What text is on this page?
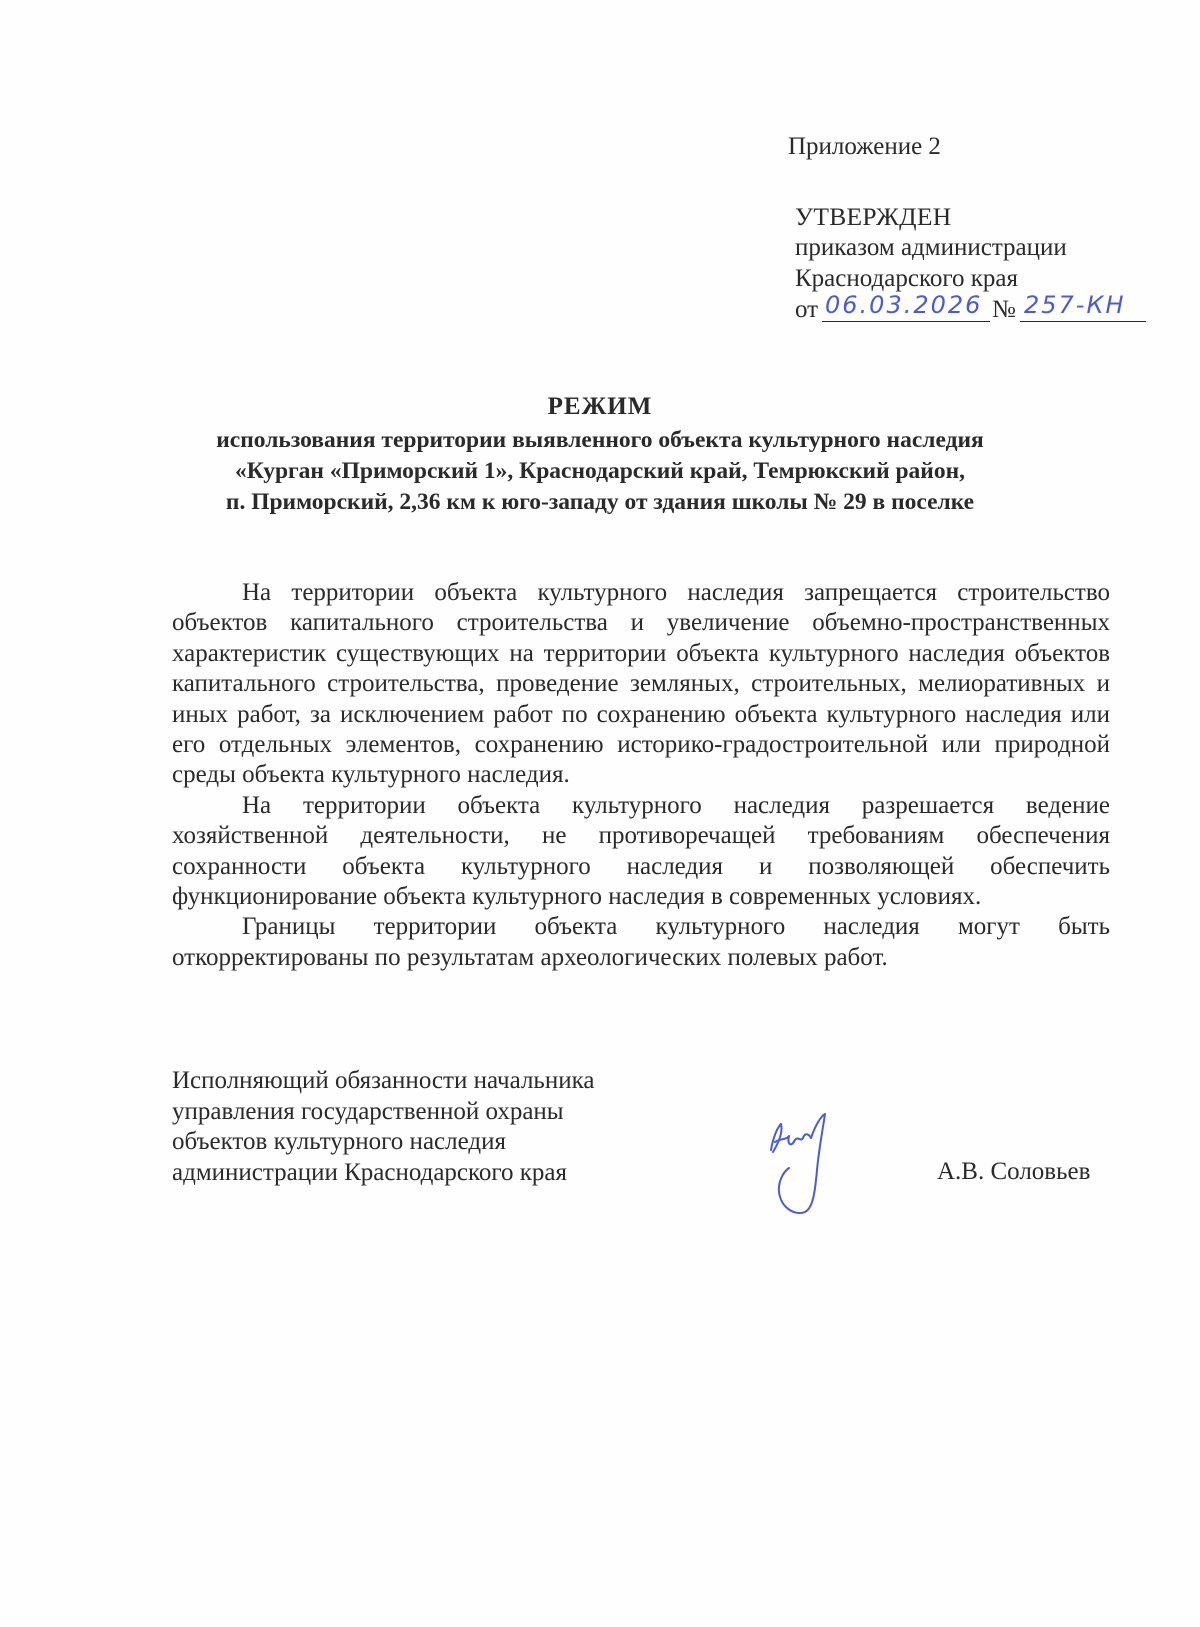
Приложение 2
УТВЕРЖДЕН
приказом администрации
Краснодарского края
от 06.03.2026 № 257-КН
РЕЖИМ
использования территории выявленного объекта культурного наследия
«Курган «Приморский 1», Краснодарский край, Темрюкский район,
п. Приморский, 2,36 км к юго-западу от здания школы № 29 в поселке

На территории объекта культурного наследия запрещается строительство объектов капитального строительства и увеличение объемно-пространственных характеристик существующих на территории объекта культурного наследия объектов капитального строительства, проведение земляных, строительных, мелиоративных и иных работ, за исключением работ по сохранению объекта культурного наследия или его отдельных элементов, сохранению историко-градостроительной или природной среды объекта культурного наследия.

На территории объекта культурного наследия разрешается ведение хозяйственной деятельности, не противоречащей требованиям обеспечения сохранности объекта культурного наследия и позволяющей обеспечить функционирование объекта культурного наследия в современных условиях.

Границы территории объекта культурного наследия могут быть откорректированы по результатам археологических полевых работ.

Исполняющий обязанности начальника
управления государственной охраны
объектов культурного наследия
администрации Краснодарского края	А.В. Соловьев
